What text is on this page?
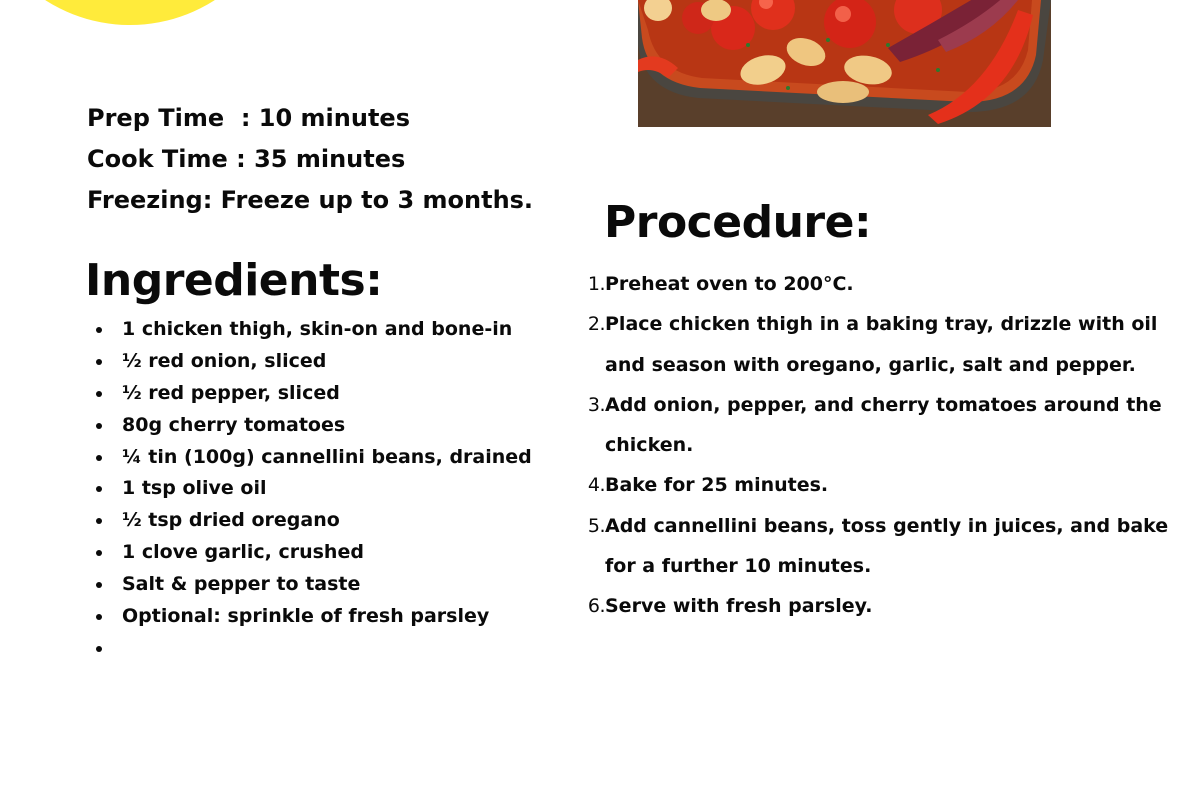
Prep Time  : 10 minutes
Cook Time : 35 minutes
Freezing: Freeze up to 3 months.
Ingredients:
1 chicken thigh, skin-on and bone-in
½ red onion, sliced
½ red pepper, sliced
80g cherry tomatoes
¼ tin (100g) cannellini beans, drained
1 tsp olive oil
½ tsp dried oregano
1 clove garlic, crushed
Salt & pepper to taste
Optional: sprinkle of fresh parsley
Procedure:
1. Preheat oven to 200°C.
2. Place chicken thigh in a baking tray, drizzle with oil and season with oregano, garlic, salt and pepper.
3. Add onion, pepper, and cherry tomatoes around the chicken.
4. Bake for 25 minutes.
5. Add cannellini beans, toss gently in juices, and bake for a further 10 minutes.
6. Serve with fresh parsley.
